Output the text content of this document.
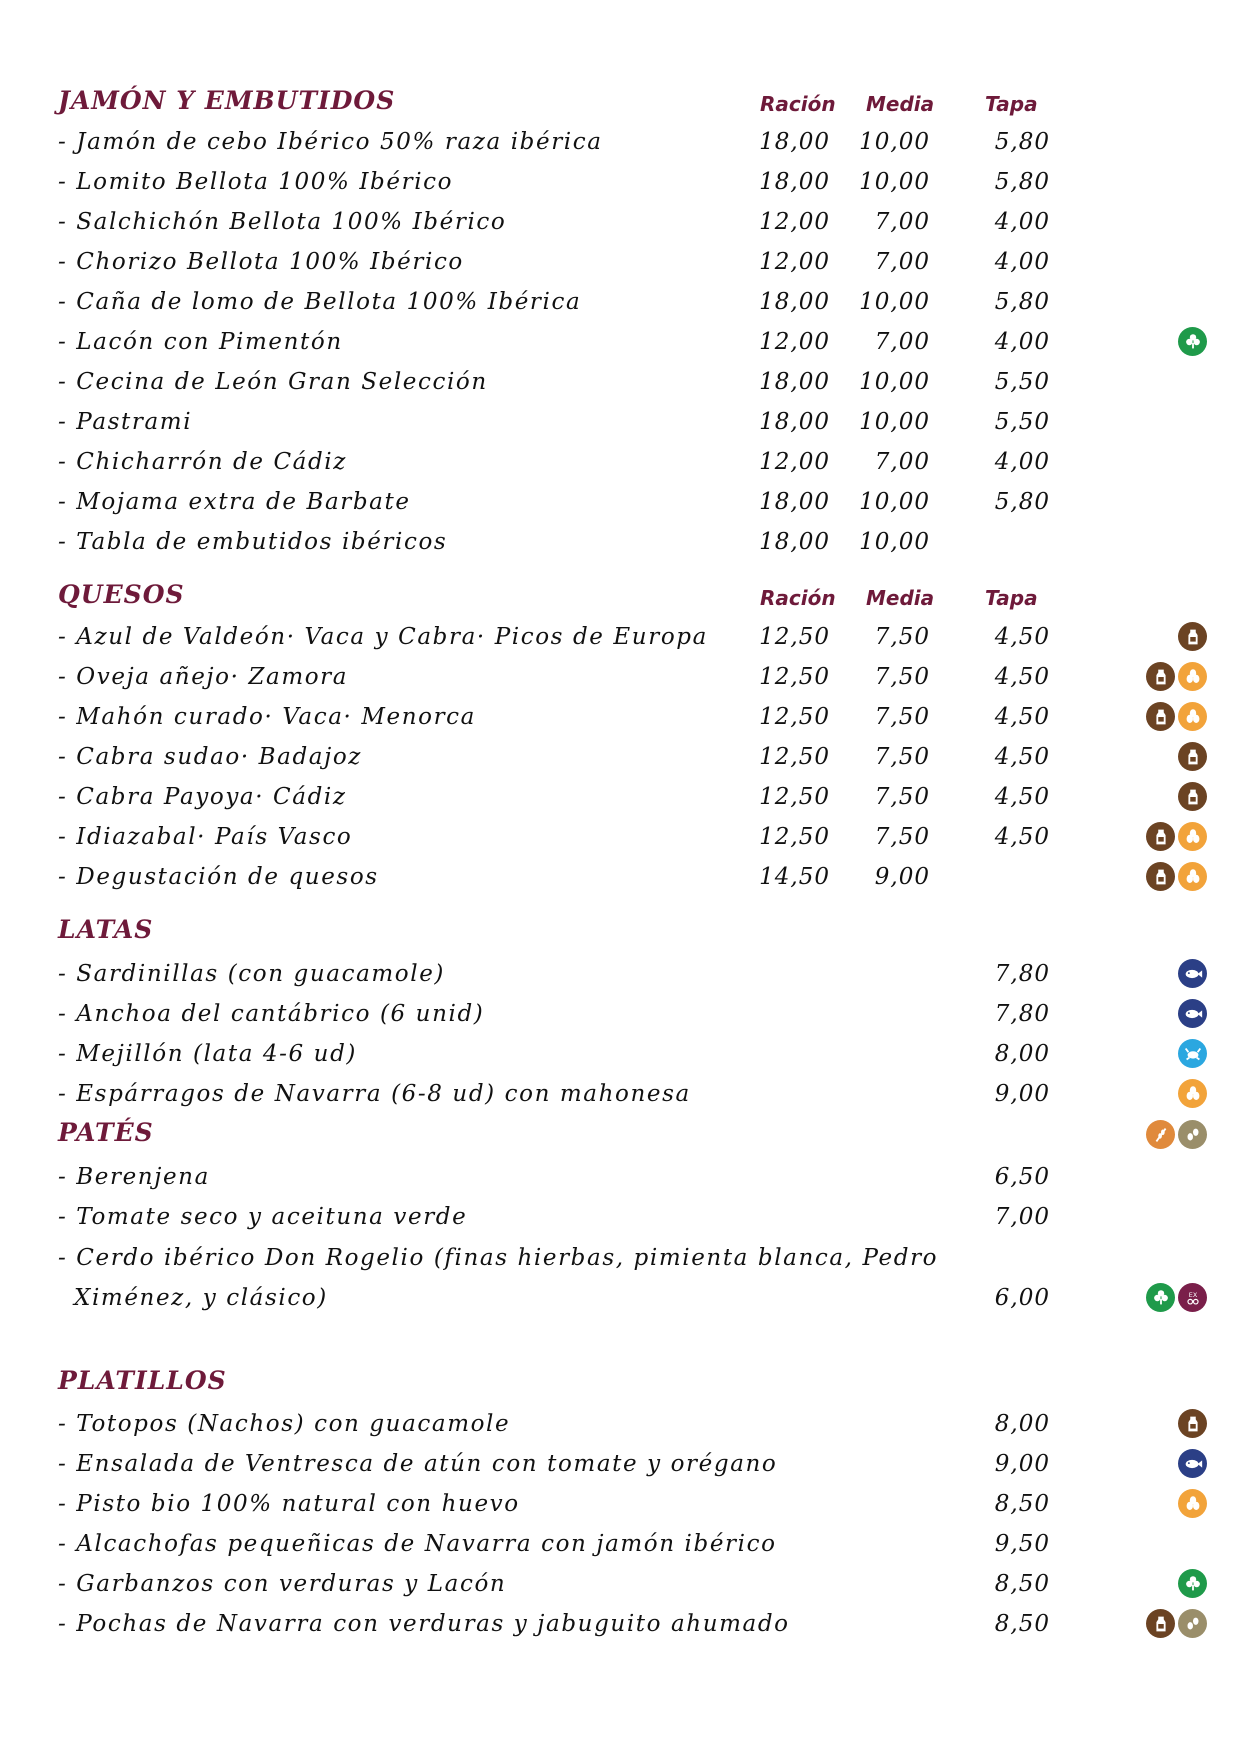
JAMÓN Y EMBUTIDOS	Ración Media	Tapa
QUESOS	Ración Media	Tapa
LATAS
PATÉS
PLATILLOS
- Jamón de cebo Ibérico 50% raza ibérica	18,00	10,00	5,80
- Lomito Bellota 100% Ibérico	18,00	10,00	5,80
- Salchichón Bellota 100% Ibérico	12,00	7,00	4,00
- Chorizo Bellota 100% Ibérico	12,00	7,00	4,00
- Caña de lomo de Bellota 100% Ibérica	18,00	10,00	5,80
- Lacón con Pimentón	12,00	7,00	4,00
- Cecina de León Gran Selección	18,00	10,00	5,50
- Pastrami	18,00	10,00	5,50
- Chicharrón de Cádiz	12,00	7,00	4,00
- Mojama extra de Barbate	18,00	10,00	5,80
- Tabla de embutidos ibéricos	18,00	10,00
- Azul de Valdeón· Vaca y Cabra· Picos de Europa	12,50	7,50	4,50
- Oveja añejo· Zamora	12,50	7,50	4,50
- Mahón curado· Vaca· Menorca	12,50	7,50	4,50
- Cabra sudao· Badajoz	12,50	7,50	4,50
- Cabra Payoya· Cádiz	12,50	7,50	4,50
- Idiazabal· País Vasco	12,50	7,50	4,50
- Degustación de quesos	14,50	9,00
- Sardinillas (con guacamole)	7,80
- Anchoa del cantábrico (6 unid)	7,80
- Mejillón (lata 4-6 ud)	8,00
- Espárragos de Navarra (6-8 ud) con mahonesa	9,00
- Berenjena	6,50
- Tomate seco y aceituna verde	7,00
- Cerdo ibérico Don Rogelio (finas hierbas, pimienta blanca, Pedro
Ximénez, y clásico)	6,00	EX
- Totopos (Nachos) con guacamole	8,00
- Ensalada de Ventresca de atún con tomate y orégano	9,00
- Pisto bio 100% natural con huevo	8,50
- Alcachofas pequeñicas de Navarra con jamón ibérico	9,50
- Garbanzos con verduras y Lacón	8,50
- Pochas de Navarra con verduras y jabuguito ahumado	8,50
